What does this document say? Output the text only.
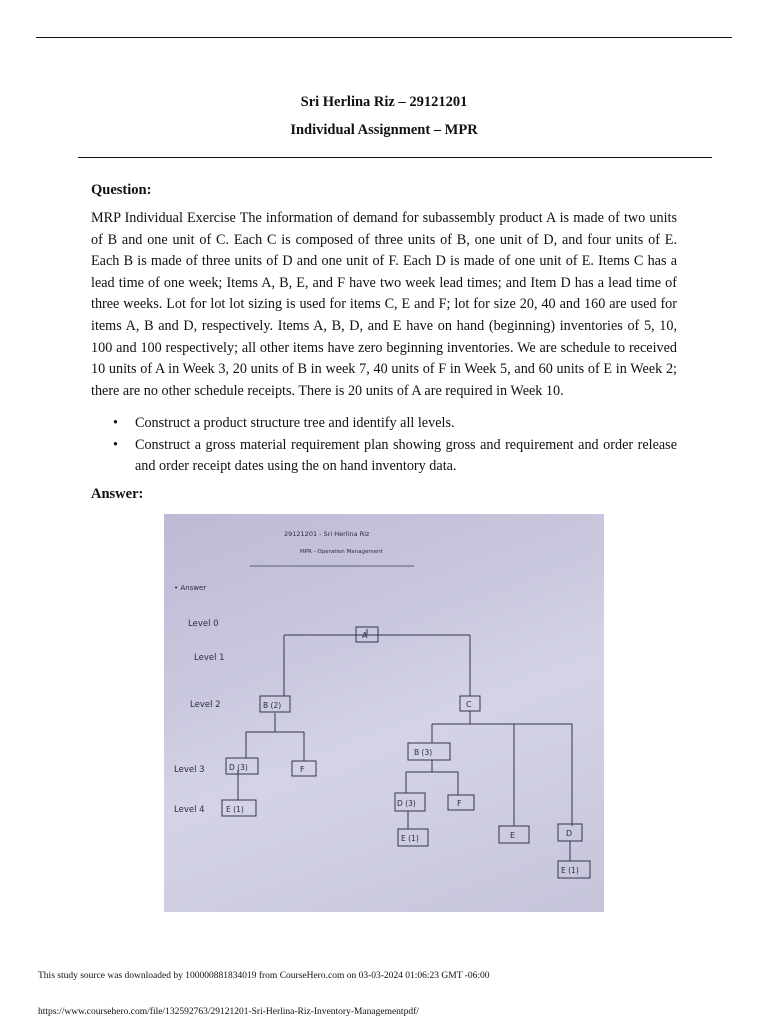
Sri Herlina Riz – 29121201
Individual Assignment – MPR
Question:

MRP Individual Exercise The information of demand for subassembly product A is made of two units of B and one unit of C. Each C is composed of three units of B, one unit of D, and four units of E. Each B is made of three units of D and one unit of F. Each D is made of one unit of E. Items C has a lead time of one week; Items A, B, E, and F have two week lead times; and Item D has a lead time of three weeks. Lot for lot lot sizing is used for items C, E and F; lot for size 20, 40 and 160 are used for items A, B and D, respectively. Items A, B, D, and E have on hand (beginning) inventories of 5, 10, 100 and 100 respectively; all other items have zero beginning inventories. We are schedule to received 10 units of A in Week 3, 20 units of B in week 7, 40 units of F in Week 5, and 60 units of E in Week 2; there are no other schedule receipts. There is 20 units of A are required in Week 10.

• Construct a product structure tree and identify all levels.
• Construct a gross material requirement plan showing gross and requirement and order release and order receipt dates using the on hand inventory data.
Answer:
29121201 - Sri Herlina Riz
MPR - Operation Management
• Answer
Level 0
Level 1
Level 2
Level 3
Level 4
A
B (2)	C
D (3)	F
E (1)
B (3)
D (3)	F
E (1)	E	D
E (1)
This study source was downloaded by 100000881834019 from CourseHero.com on 03-03-2024 01:06:23 GMT -06:00
https://www.coursehero.com/file/132592763/29121201-Sri-Herlina-Riz-Inventory-Managementpdf/
